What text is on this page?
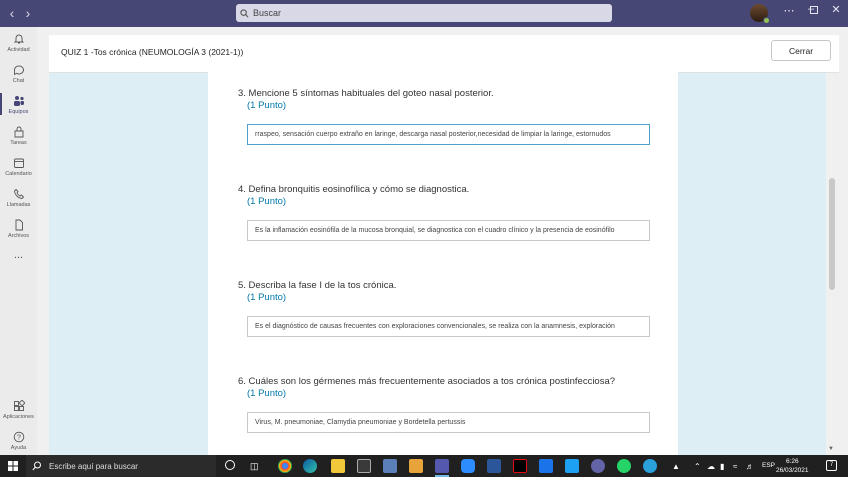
‹ ›	Buscar	⋯	–	✕
Actividad
Chat
Equipos
Tareas
Calendario
Llamadas
Archivos
...
Aplicaciones
?
Ayuda
QUIZ 1 -Tos crónica (NEUMOLOGÍA 3 (2021-1))	Cerrar
3. Mencione 5 síntomas habituales del goteo nasal posterior.
(1 Punto)
rraspeo, sensación cuerpo extraño en laringe, descarga nasal posterior,necesidad de limpiar la laringe, estornudos
4. Defina bronquitis eosinofílica y cómo se diagnostica.
(1 Punto)
Es la inflamación eosinófila de la mucosa bronquial, se diagnostica con el cuadro clínico y la presencia de eosinófilo
5. Describa la fase I de la tos crónica.
(1 Punto)
Es el diagnóstico de causas frecuentes con exploraciones convencionales, se realiza con la anamnesis, exploración
6. Cuáles son los gérmenes más frecuentemente asociados a tos crónica postinfecciosa?
(1 Punto)
Virus, M. pneumoniae, Clamydia pneumoniae y Bordetella pertussis
▼
Escribe aquí para buscar	◫	▲ ⌃ ☁ ▮ ≈ ♬ ESP
6:26
26/03/2021
7
